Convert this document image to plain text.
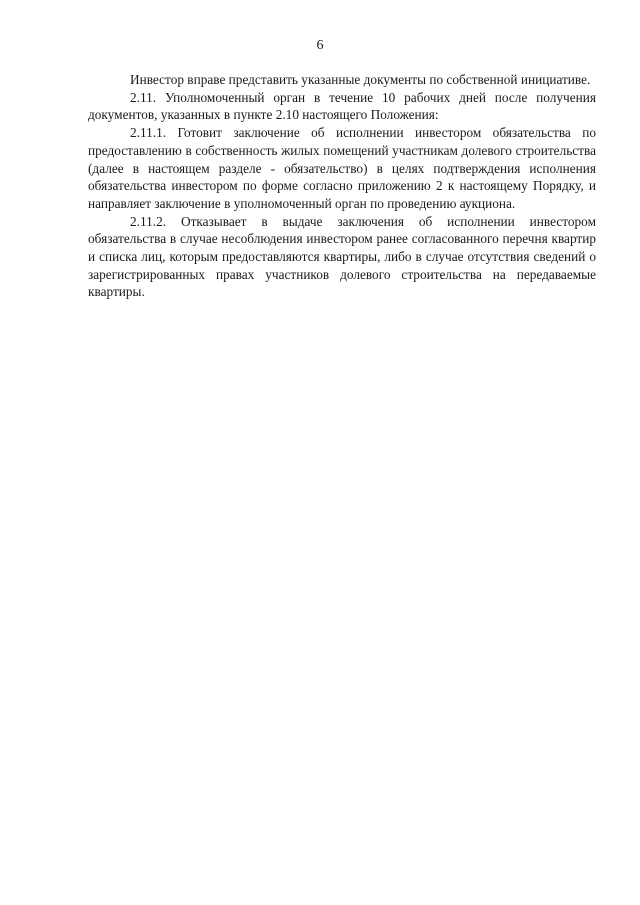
6

Инвестор вправе представить указанные документы по собственной инициативе.

2.11. Уполномоченный орган в течение 10 рабочих дней после получения документов, указанных в пункте 2.10 настоящего Положения:

2.11.1. Готовит заключение об исполнении инвестором обязательства по предоставлению в собственность жилых помещений участникам долевого строительства (далее в настоящем разделе - обязательство) в целях подтверждения исполнения обязательства инвестором по форме согласно приложению 2 к настоящему Порядку, и направляет заключение в уполномоченный орган по проведению аукциона.

2.11.2. Отказывает в выдаче заключения об исполнении инвестором обязательства в случае несоблюдения инвестором ранее согласованного перечня квартир и списка лиц, которым предоставляются квартиры, либо в случае отсутствия сведений о зарегистрированных правах участников долевого строительства на передаваемые квартиры.
